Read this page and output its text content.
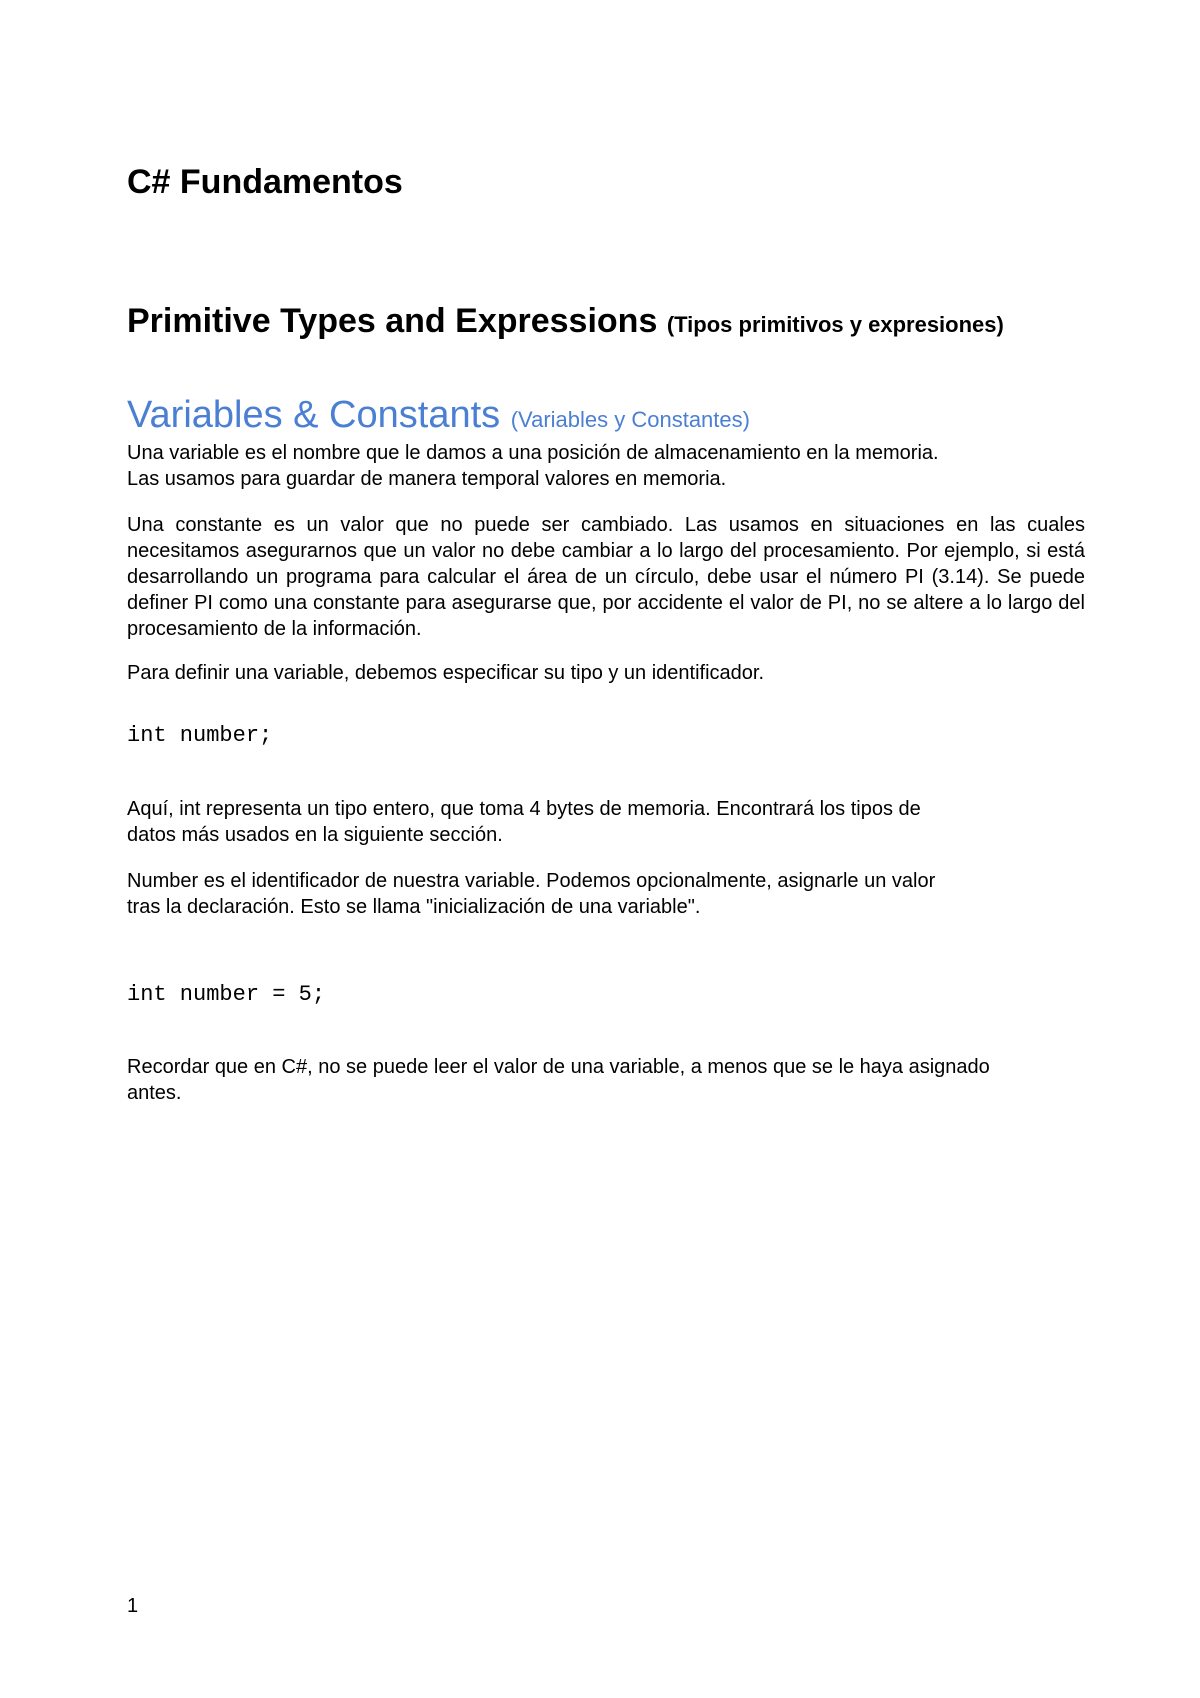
C# Fundamentos
Primitive Types and Expressions (Tipos primitivos y expresiones)
Variables & Constants (Variables y Constantes)

Una variable es el nombre que le damos a una posición de almacenamiento en la memoria.
Las usamos para guardar de manera temporal valores en memoria.

Una constante es un valor que no puede ser cambiado. Las usamos en situaciones en las cuales necesitamos asegurarnos que un valor no debe cambiar a lo largo del procesamiento. Por ejemplo, si está desarrollando un programa para calcular el área de un círculo, debe usar el número PI (3.14). Se puede definer PI como una constante para asegurarse que, por accidente el valor de PI, no se altere a lo largo del procesamiento de la información.

Para definir una variable, debemos especificar su tipo y un identificador.

int number;

Aquí, int representa un tipo entero, que toma 4 bytes de memoria. Encontrará los tipos de
datos más usados en la siguiente sección.

Number es el identificador de nuestra variable. Podemos opcionalmente, asignarle un valor
tras la declaración. Esto se llama "inicialización de una variable".

int number = 5;

Recordar que en C#, no se puede leer el valor de una variable, a menos que se le haya asignado
antes.

1
